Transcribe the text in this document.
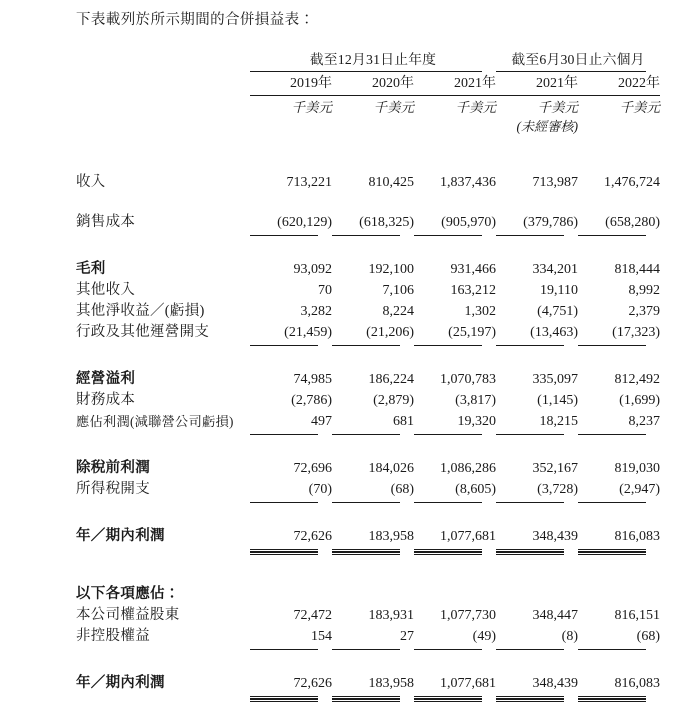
下表載列於所示期間的合併損益表：
	截至12月31日止年度			截至6月30日止六個月	

	2019年	2020年	2021年	2021年	2022年

	千美元	千美元	千美元	千美元	千美元
				(未經審核)	

收入	713,221	810,425	1,837,436	713,987	1,476,724

銷售成本	(620,129)	(618,325)	(905,970)	(379,786)	(658,280)

毛利	93,092	192,100	931,466	334,201	818,444
其他收入	70	7,106	163,212	19,110	8,992
其他淨收益／(虧損)	3,282	8,224	1,302	(4,751)	2,379
行政及其他運營開支	(21,459)	(21,206)	(25,197)	(13,463)	(17,323)

經營溢利	74,985	186,224	1,070,783	335,097	812,492
財務成本	(2,786)	(2,879)	(3,817)	(1,145)	(1,699)
應佔利潤(減聯營公司虧損)	497	681	19,320	18,215	8,237

除稅前利潤	72,696	184,026	1,086,286	352,167	819,030
所得稅開支	(70)	(68)	(8,605)	(3,728)	(2,947)

年／期內利潤	72,626	183,958	1,077,681	348,439	816,083

以下各項應佔：					
本公司權益股東	72,472	183,931	1,077,730	348,447	816,151
非控股權益	154	27	(49)	(8)	(68)

年／期內利潤	72,626	183,958	1,077,681	348,439	816,083
